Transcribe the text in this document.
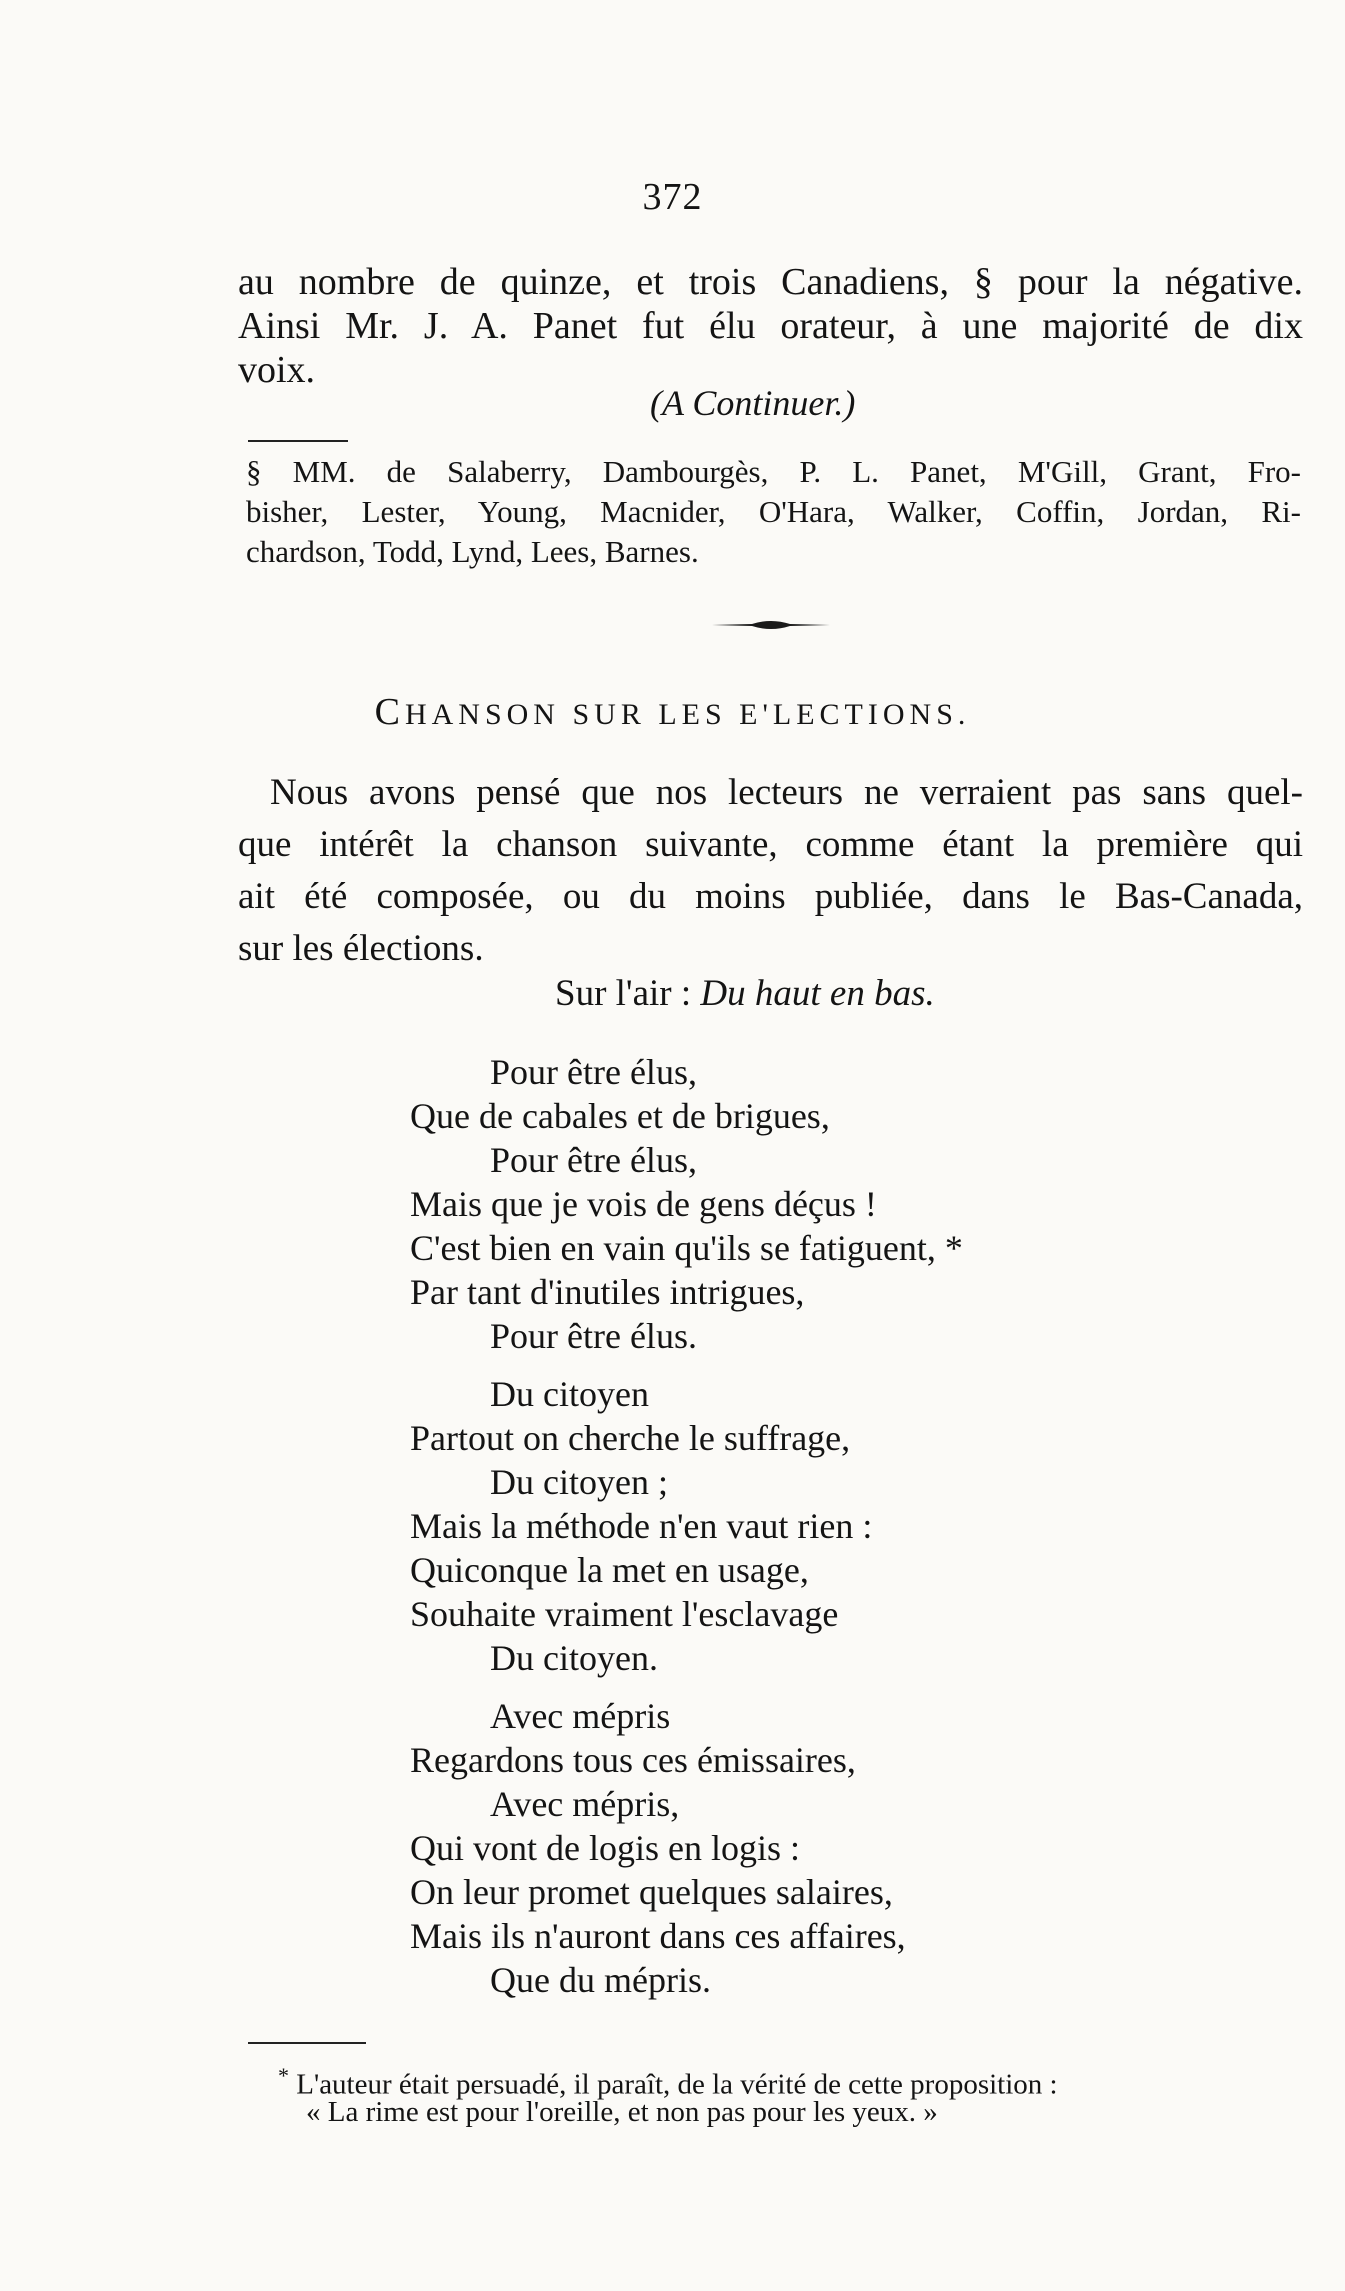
372
au nombre de quinze, et trois Canadiens, § pour la négative.
Ainsi Mr. J. A. Panet fut élu orateur, à une majorité de dix
voix.
(A Continuer.)
§ MM. de Salaberry, Dambourgès, P. L. Panet, M'Gill, Grant, Fro-
bisher, Lester, Young, Macnider, O'Hara, Walker, Coffin, Jordan, Ri-
chardson, Todd, Lynd, Lees, Barnes.
CHANSON SUR LES E'LECTIONS.
Nous avons pensé que nos lecteurs ne verraient pas sans quel-
que intérêt la chanson suivante, comme étant la première qui
ait été composée, ou du moins publiée, dans le Bas-Canada,
sur les élections.
Sur l'air : Du haut en bas.
Pour être élus,
Que de cabales et de brigues,
Pour être élus,
Mais que je vois de gens déçus !
C'est bien en vain qu'ils se fatiguent, *
Par tant d'inutiles intrigues,
Pour être élus.
Du citoyen
Partout on cherche le suffrage,
Du citoyen ;
Mais la méthode n'en vaut rien :
Quiconque la met en usage,
Souhaite vraiment l'esclavage
Du citoyen.
Avec mépris
Regardons tous ces émissaires,
Avec mépris,
Qui vont de logis en logis :
On leur promet quelques salaires,
Mais ils n'auront dans ces affaires,
Que du mépris.
* L'auteur était persuadé, il paraît, de la vérité de cette proposition :
« La rime est pour l'oreille, et non pas pour les yeux. »
